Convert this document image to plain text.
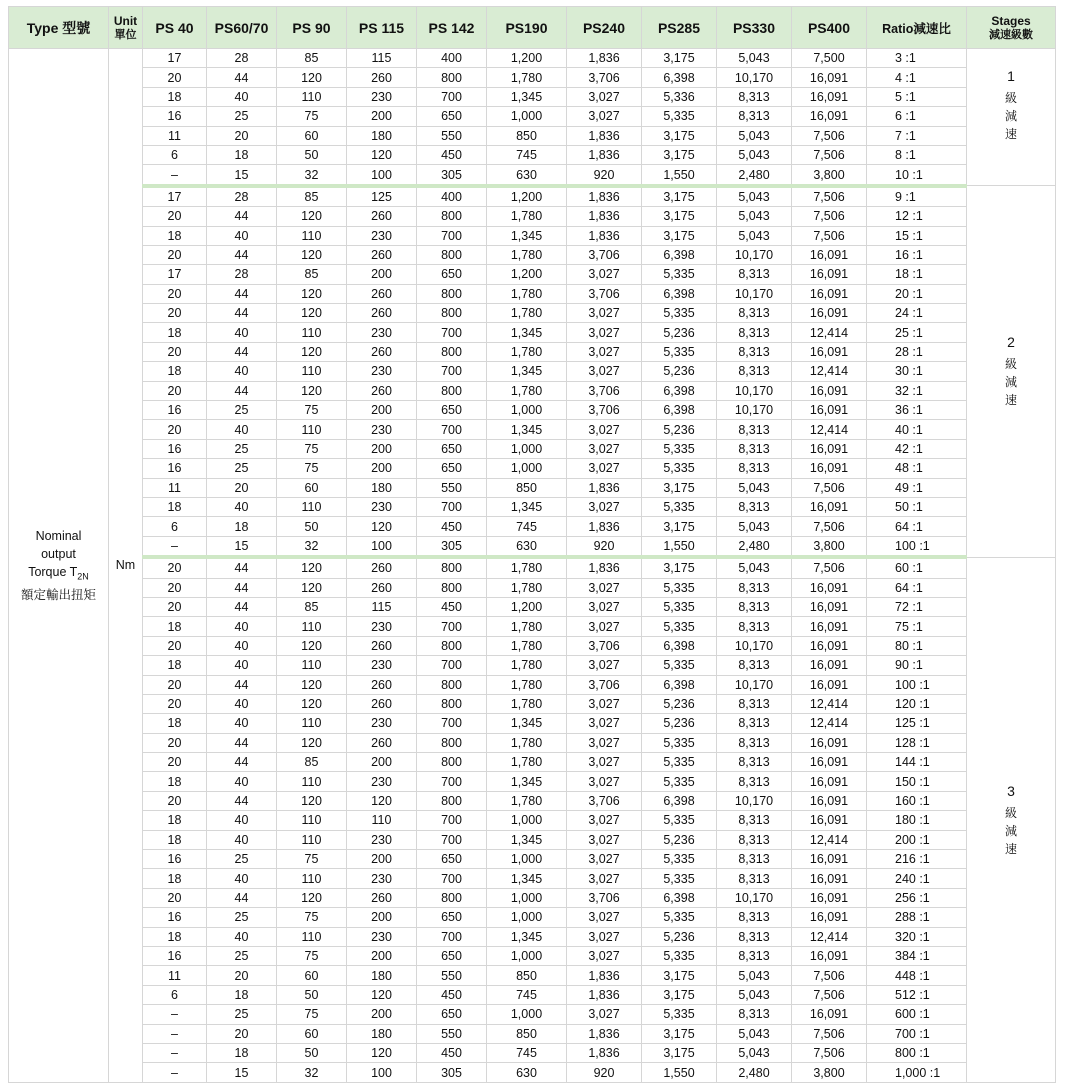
Type 型號	Unit
單位	PS 40	PS60/70	PS 90	PS 115	PS 142	PS190	PS240	PS285	PS330	PS400	Ratio減速比	Stages
減速級數

Nominal
output
Torque $T_{2N}$
額定輸出扭矩	Nm	17	28	85	115	400	1,200	1,836	3,175	5,043	7,500	3 :1	1
級
減
速

		20	44	120	260	800	1,780	3,706	6,398	10,170	16,091	4 :1	
		18	40	110	230	700	1,345	3,027	5,336	8,313	16,091	5 :1	
		16	25	75	200	650	1,000	3,027	5,335	8,313	16,091	6 :1	
		11	20	60	180	550	850	1,836	3,175	5,043	7,506	7 :1	
		6	18	50	120	450	745	1,836	3,175	5,043	7,506	8 :1	
		–	15	32	100	305	630	920	1,550	2,480	3,800	10 :1	
		17	28	85	125	400	1,200	1,836	3,175	5,043	7,506	9 :1	2
級
減
速

		20	44	120	260	800	1,780	1,836	3,175	5,043	7,506	12 :1	
		18	40	110	230	700	1,345	1,836	3,175	5,043	7,506	15 :1	
		20	44	120	260	800	1,780	3,706	6,398	10,170	16,091	16 :1	
		17	28	85	200	650	1,200	3,027	5,335	8,313	16,091	18 :1	
		20	44	120	260	800	1,780	3,706	6,398	10,170	16,091	20 :1	
		20	44	120	260	800	1,780	3,027	5,335	8,313	16,091	24 :1	
		18	40	110	230	700	1,345	3,027	5,236	8,313	12,414	25 :1	
		20	44	120	260	800	1,780	3,027	5,335	8,313	16,091	28 :1	
		18	40	110	230	700	1,345	3,027	5,236	8,313	12,414	30 :1	
		20	44	120	260	800	1,780	3,706	6,398	10,170	16,091	32 :1	
		16	25	75	200	650	1,000	3,706	6,398	10,170	16,091	36 :1	
		20	40	110	230	700	1,345	3,027	5,236	8,313	12,414	40 :1	
		16	25	75	200	650	1,000	3,027	5,335	8,313	16,091	42 :1	
		16	25	75	200	650	1,000	3,027	5,335	8,313	16,091	48 :1	
		11	20	60	180	550	850	1,836	3,175	5,043	7,506	49 :1	
		18	40	110	230	700	1,345	3,027	5,335	8,313	16,091	50 :1	
		6	18	50	120	450	745	1,836	3,175	5,043	7,506	64 :1	
		–	15	32	100	305	630	920	1,550	2,480	3,800	100 :1	
		20	44	120	260	800	1,780	1,836	3,175	5,043	7,506	60 :1	3
級
減
速

		20	44	120	260	800	1,780	3,027	5,335	8,313	16,091	64 :1	
		20	44	85	115	450	1,200	3,027	5,335	8,313	16,091	72 :1	
		18	40	110	230	700	1,780	3,027	5,335	8,313	16,091	75 :1	
		20	40	120	260	800	1,780	3,706	6,398	10,170	16,091	80 :1	
		18	40	110	230	700	1,780	3,027	5,335	8,313	16,091	90 :1	
		20	44	120	260	800	1,780	3,706	6,398	10,170	16,091	100 :1	
		20	40	120	260	800	1,780	3,027	5,236	8,313	12,414	120 :1	
		18	40	110	230	700	1,345	3,027	5,236	8,313	12,414	125 :1	
		20	44	120	260	800	1,780	3,027	5,335	8,313	16,091	128 :1	
		20	44	85	200	800	1,780	3,027	5,335	8,313	16,091	144 :1	
		18	40	110	230	700	1,345	3,027	5,335	8,313	16,091	150 :1	
		20	44	120	120	800	1,780	3,706	6,398	10,170	16,091	160 :1	
		18	40	110	110	700	1,000	3,027	5,335	8,313	16,091	180 :1	
		18	40	110	230	700	1,345	3,027	5,236	8,313	12,414	200 :1	
		16	25	75	200	650	1,000	3,027	5,335	8,313	16,091	216 :1	
		18	40	110	230	700	1,345	3,027	5,335	8,313	16,091	240 :1	
		20	44	120	260	800	1,000	3,706	6,398	10,170	16,091	256 :1	
		16	25	75	200	650	1,000	3,027	5,335	8,313	16,091	288 :1	
		18	40	110	230	700	1,345	3,027	5,236	8,313	12,414	320 :1	
		16	25	75	200	650	1,000	3,027	5,335	8,313	16,091	384 :1	
		11	20	60	180	550	850	1,836	3,175	5,043	7,506	448 :1	
		6	18	50	120	450	745	1,836	3,175	5,043	7,506	512 :1	
		–	25	75	200	650	1,000	3,027	5,335	8,313	16,091	600 :1	
		–	20	60	180	550	850	1,836	3,175	5,043	7,506	700 :1	
		–	18	50	120	450	745	1,836	3,175	5,043	7,506	800 :1	
		–	15	32	100	305	630	920	1,550	2,480	3,800	1,000 :1	
